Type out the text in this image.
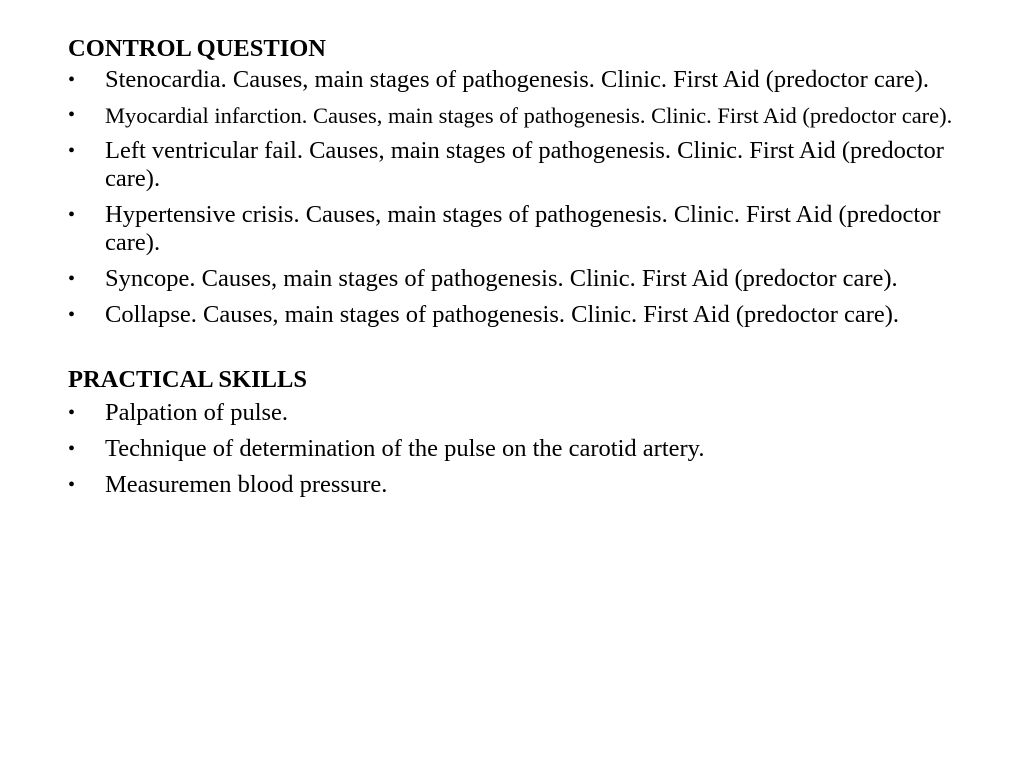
CONTROL QUESTION
• Stenocardia. Causes, main stages of pathogenesis. Clinic. First Aid (predoctor care).
• Myocardial infarction. Causes, main stages of pathogenesis. Clinic. First Aid (predoctor care).
• Left ventricular fail. Causes, main stages of pathogenesis. Clinic. First Aid (predoctor care).
• Hypertensive crisis. Causes, main stages of pathogenesis. Clinic. First Aid (predoctor care).
• Syncope. Causes, main stages of pathogenesis. Clinic. First Aid (predoctor care).
• Collapse. Causes, main stages of pathogenesis. Clinic. First Aid (predoctor care).
PRACTICAL SKILLS
• Palpation of pulse.
• Technique of determination of the pulse on the carotid artery.
• Measuremen blood pressure.
